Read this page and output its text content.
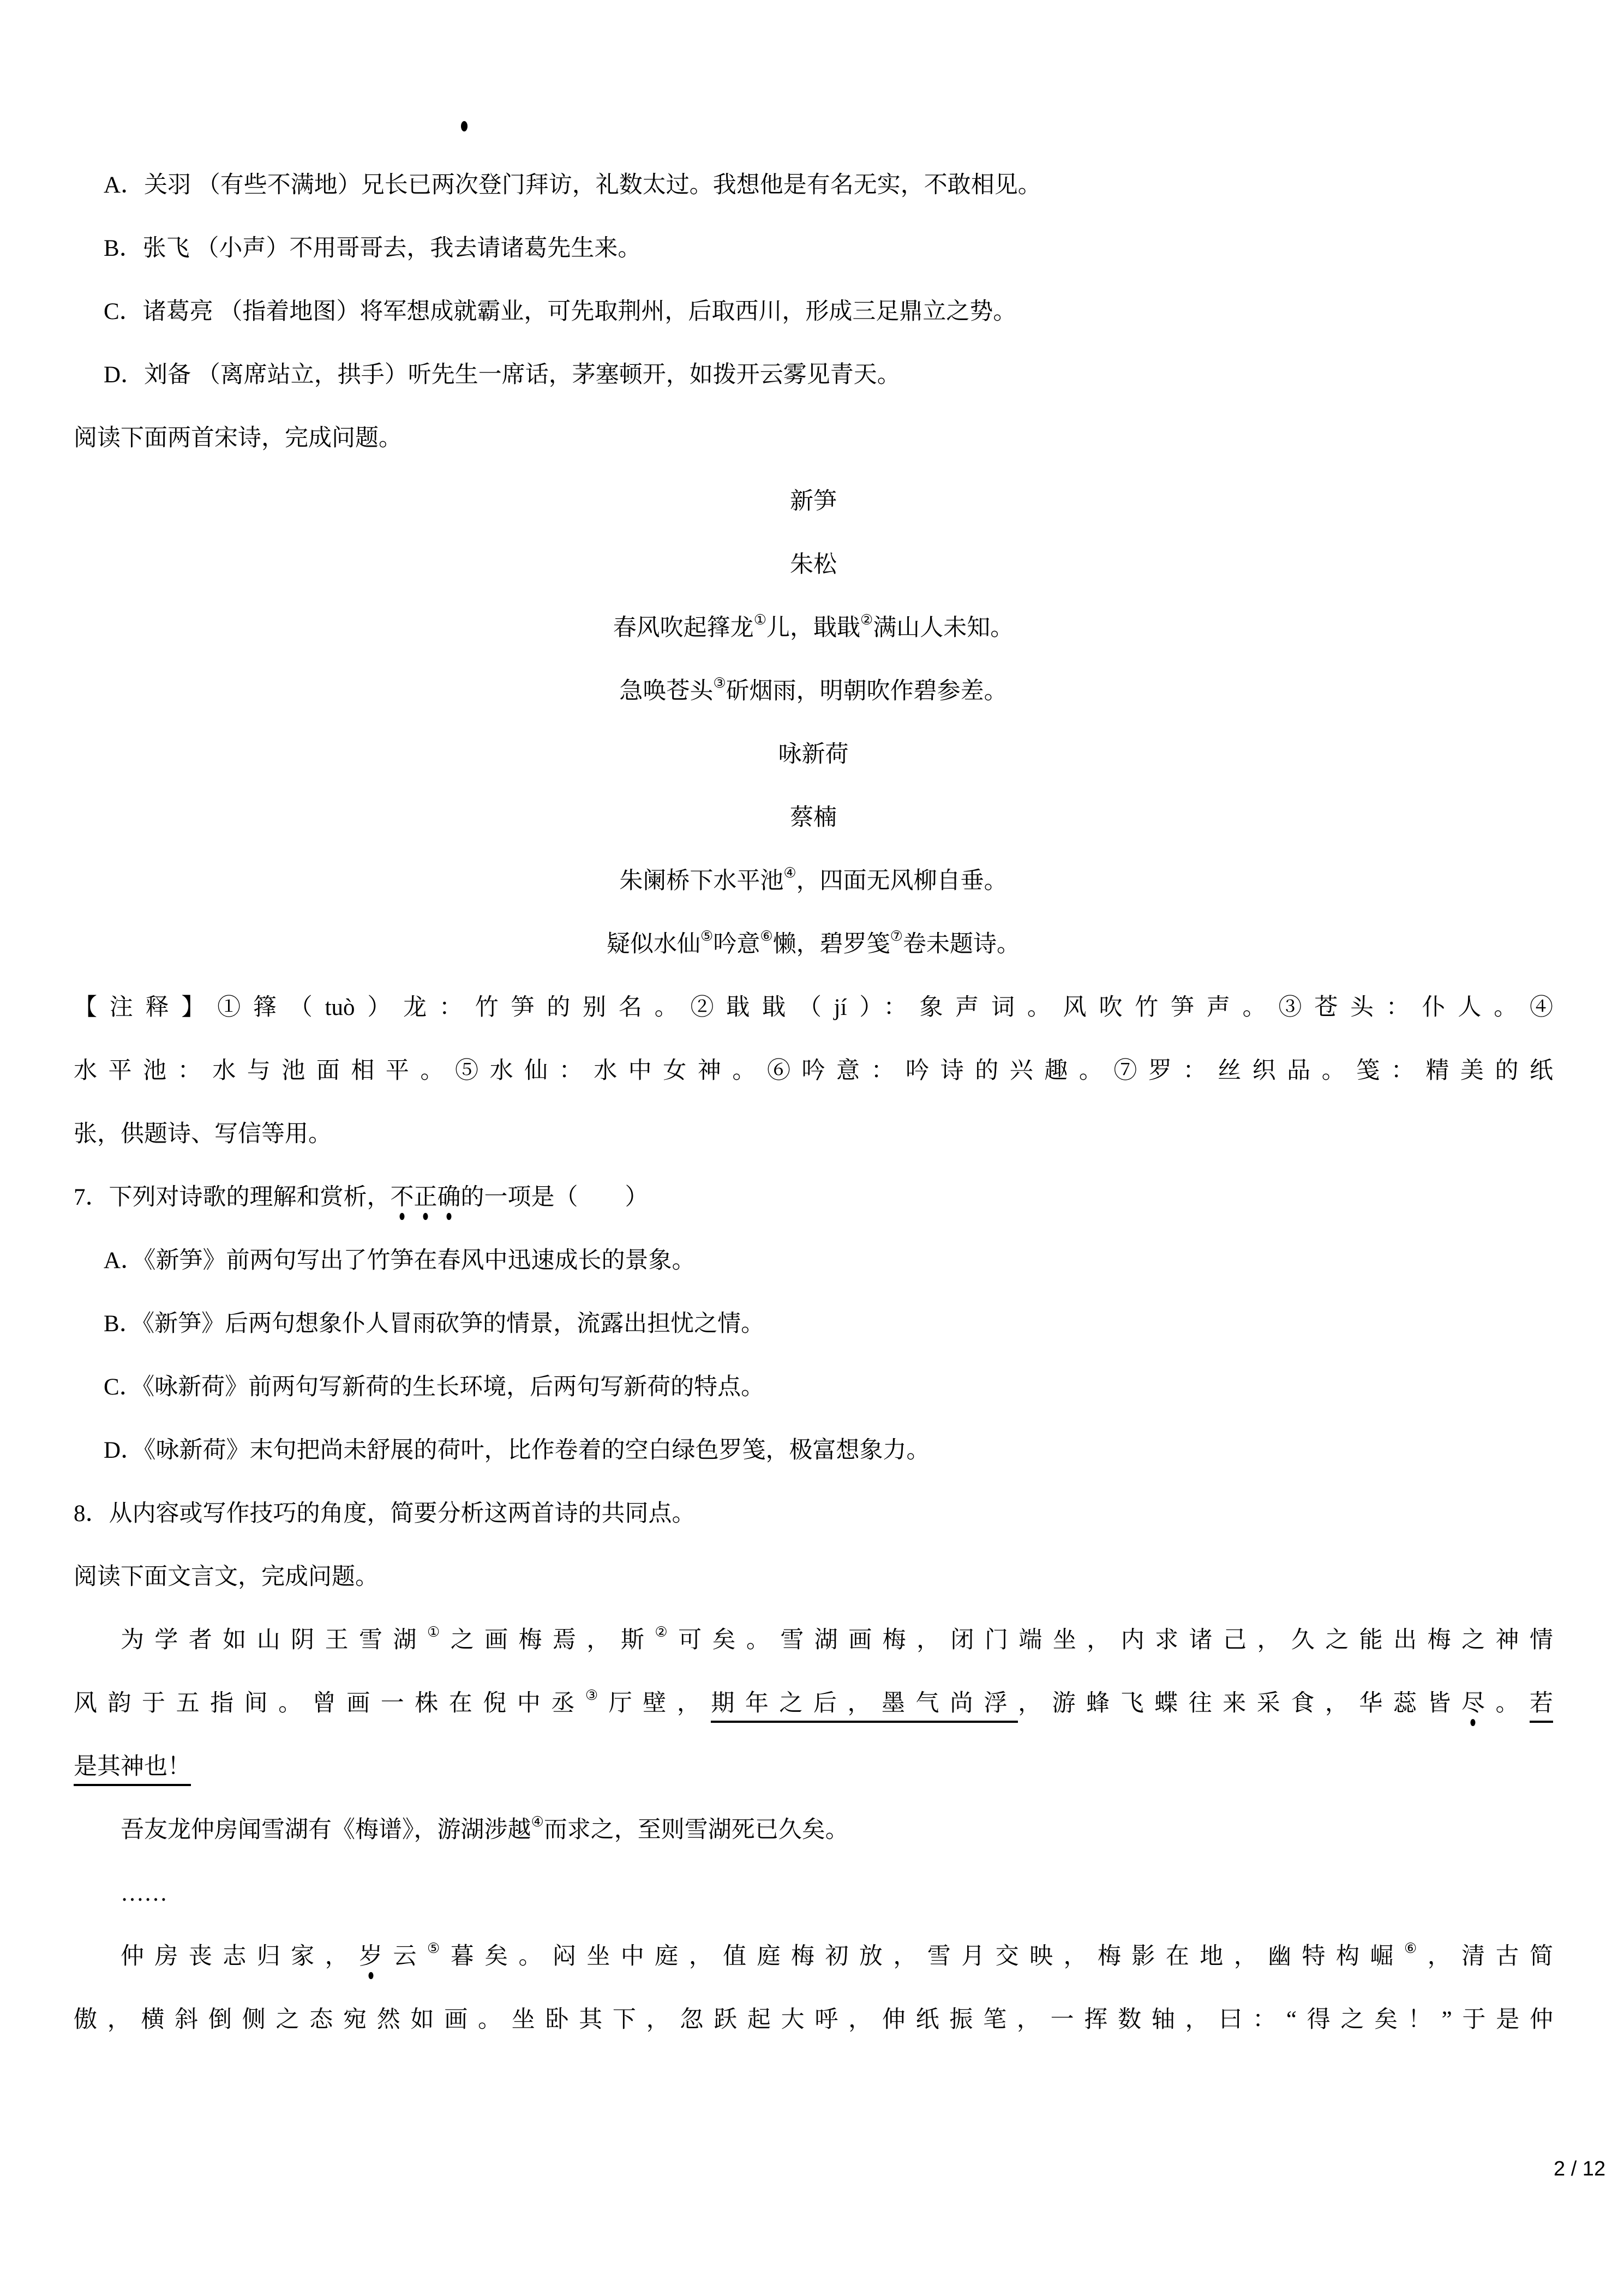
A．关羽 （有些不满地）兄长已两次登门拜访，礼数太过。我想他是有名无实，不敢相见。
B．张飞 （小声）不用哥哥去，我去请诸葛先生来。
C．诸葛亮 （指着地图）将军想成就霸业，可先取荆州，后取西川，形成三足鼎立之势。
D．刘备 （离席站立，拱手）听先生一席话，茅塞顿开，如拨开云雾见青天。
阅读下面两首宋诗，完成问题。
新笋
朱松
春风吹起箨龙①儿，戢戢②满山人未知。
急唤苍头③斫烟雨，明朝吹作碧参差。
咏新荷
蔡楠
朱阑桥下水平池④，四面无风柳自垂。
疑似水仙⑤吟意⑥懒，碧罗笺⑦卷未题诗。
【注释】①箨（tuò）龙：竹笋的别名。②戢戢（jí）：象声词。风吹竹笋声。③苍头：仆人。④
水平池：水与池面相平。⑤水仙：水中女神。⑥吟意：吟诗的兴趣。⑦罗：丝织品。笺：精美的纸
张，供题诗、写信等用。
7．下列对诗歌的理解和赏析，不正确的一项是（　　）
A．《新笋》前两句写出了竹笋在春风中迅速成长的景象。
B．《新笋》后两句想象仆人冒雨砍笋的情景，流露出担忧之情。
C．《咏新荷》前两句写新荷的生长环境，后两句写新荷的特点。
D．《咏新荷》末句把尚未舒展的荷叶，比作卷着的空白绿色罗笺，极富想象力。
8．从内容或写作技巧的角度，简要分析这两首诗的共同点。
阅读下面文言文，完成问题。
为学者如山阴王雪湖①之画梅焉，斯②可矣。雪湖画梅，闭门端坐，内求诸己，久之能出梅之神情
风韵于五指间。曾画一株在倪中丞③厅壁，期年之后，墨气尚浮，游蜂飞蝶往来采食，华蕊皆尽。若
是其神也！
吾友龙仲房闻雪湖有《梅谱》，游湖涉越④而求之，至则雪湖死已久矣。
……
仲房丧志归家，岁云⑤暮矣。闷坐中庭，值庭梅初放，雪月交映，梅影在地，幽特构崛⑥，清古简
傲，横斜倒侧之态宛然如画。坐卧其下，忽跃起大呼，伸纸振笔，一挥数轴，曰：“得之矣！”于是仲
2 / 12
